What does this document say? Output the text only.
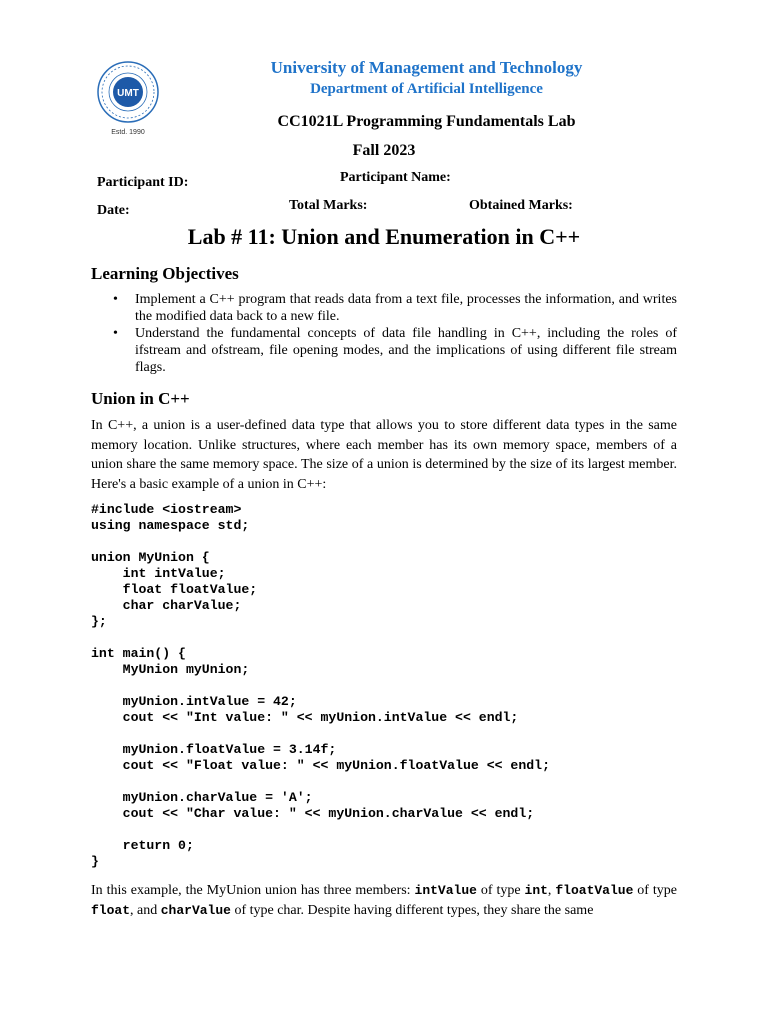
UMT
Estd. 1990
University of Management and Technology
Department of Artificial Intelligence
CC1021L Programming Fundamentals Lab
Fall 2023
Participant ID:	Participant Name:
Date:	Total Marks:	Obtained Marks:
Lab # 11: Union and Enumeration in C++
Learning Objectives
• Implement a C++ program that reads data from a text file, processes the information, and writes the modified data back to a new file.
• Understand the fundamental concepts of data file handling in C++, including the roles of ifstream and ofstream, file opening modes, and the implications of using different file stream flags.
Union in C++
In C++, a union is a user-defined data type that allows you to store different data types in the same memory location. Unlike structures, where each member has its own memory space, members of a union share the same memory space. The size of a union is determined by the size of its largest member. Here's a basic example of a union in C++:
#include <iostream>
using namespace std;

union MyUnion {
int intValue;
float floatValue;
char charValue;
};

int main() {
MyUnion myUnion;

myUnion.intValue = 42;
cout << "Int value: " << myUnion.intValue << endl;

myUnion.floatValue = 3.14f;
cout << "Float value: " << myUnion.floatValue << endl;

myUnion.charValue = 'A';
cout << "Char value: " << myUnion.charValue << endl;

return 0;
}
In this example, the MyUnion union has three members: intValue of type int, floatValue of type float, and charValue of type char. Despite having different types, they share the same
